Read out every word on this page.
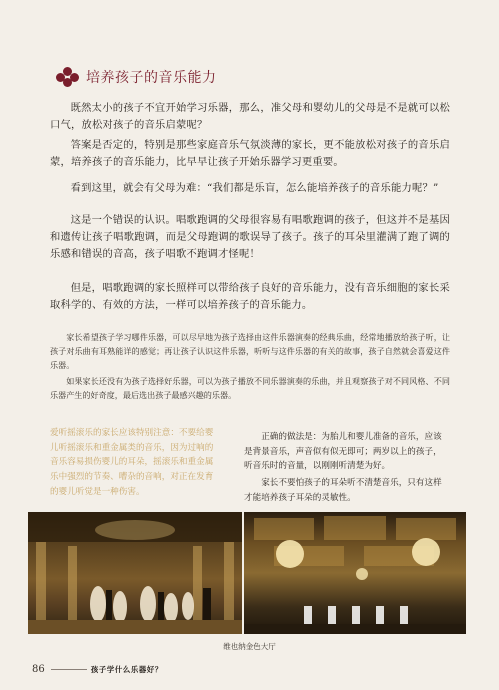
培养孩子的音乐能力

既然太小的孩子不宜开始学习乐器，那么，准父母和婴幼儿的父母是不是就可以松口气，放松对孩子的音乐启蒙呢？

答案是否定的，特别是那些家庭音乐气氛淡薄的家长，更不能放松对孩子的音乐启蒙，培养孩子的音乐能力，比早早让孩子开始乐器学习更重要。

看到这里，就会有父母为难：“我们都是乐盲，怎么能培养孩子的音乐能力呢？”

这是一个错误的认识。唱歌跑调的父母很容易有唱歌跑调的孩子，但这并不是基因和遗传让孩子唱歌跑调，而是父母跑调的歌误导了孩子。孩子的耳朵里灌满了跑了调的乐感和错误的音高，孩子唱歌不跑调才怪呢！

但是，唱歌跑调的家长照样可以带给孩子良好的音乐能力，没有音乐细胞的家长采取科学的、有效的方法，一样可以培养孩子的音乐能力。

家长希望孩子学习哪件乐器，可以尽早地为孩子选择由这件乐器演奏的经典乐曲，经常地播放给孩子听，让孩子对乐曲有耳熟能详的感觉；再让孩子认识这件乐器，听听与这件乐器的有关的故事，孩子自然就会喜爱这件乐器。

如果家长还没有为孩子选择好乐器，可以为孩子播放不同乐器演奏的乐曲，并且观察孩子对不同风格、不同乐器产生的好奇度，最后选出孩子最感兴趣的乐器。

爱听摇滚乐的家长应该特别注意：不要给婴儿听摇滚乐和重金属类的音乐，因为过响的音乐容易损伤婴儿的耳朵，摇滚乐和重金属乐中强烈的节奏、嘈杂的音响，对正在发育的婴儿听觉是一种伤害。

正确的做法是：为胎儿和婴儿准备的音乐，应该是背景音乐，声音似有似无即可；两岁以上的孩子，听音乐时的音量，以刚刚听清楚为好。

家长不要怕孩子的耳朵听不清楚音乐，只有这样才能培养孩子耳朵的灵敏性。

维也纳金色大厅
86	孩子学什么乐器好？
